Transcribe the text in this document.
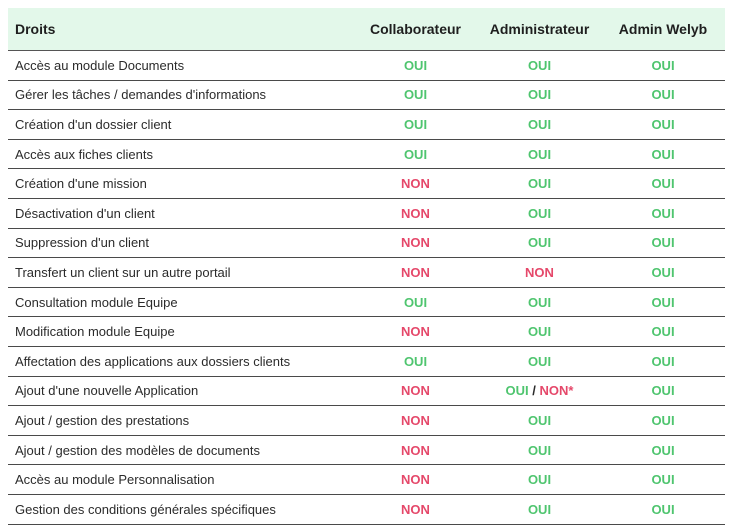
Droits	Collaborateur	Administrateur	Admin Welyb
Accès au module Documents	OUI	OUI	OUI
Gérer les tâches / demandes d'informations	OUI	OUI	OUI
Création d'un dossier client	OUI	OUI	OUI
Accès aux fiches clients	OUI	OUI	OUI
Création d'une mission	NON	OUI	OUI
Désactivation d'un client	NON	OUI	OUI
Suppression d'un client	NON	OUI	OUI
Transfert un client sur un autre portail	NON	NON	OUI
Consultation module Equipe	OUI	OUI	OUI
Modification module Equipe	NON	OUI	OUI
Affectation des applications aux dossiers clients	OUI	OUI	OUI
Ajout d'une nouvelle Application	NON	OUI / NON*	OUI
Ajout / gestion des prestations	NON	OUI	OUI
Ajout / gestion des modèles de documents	NON	OUI	OUI
Accès au module Personnalisation	NON	OUI	OUI
Gestion des conditions générales spécifiques	NON	OUI	OUI
